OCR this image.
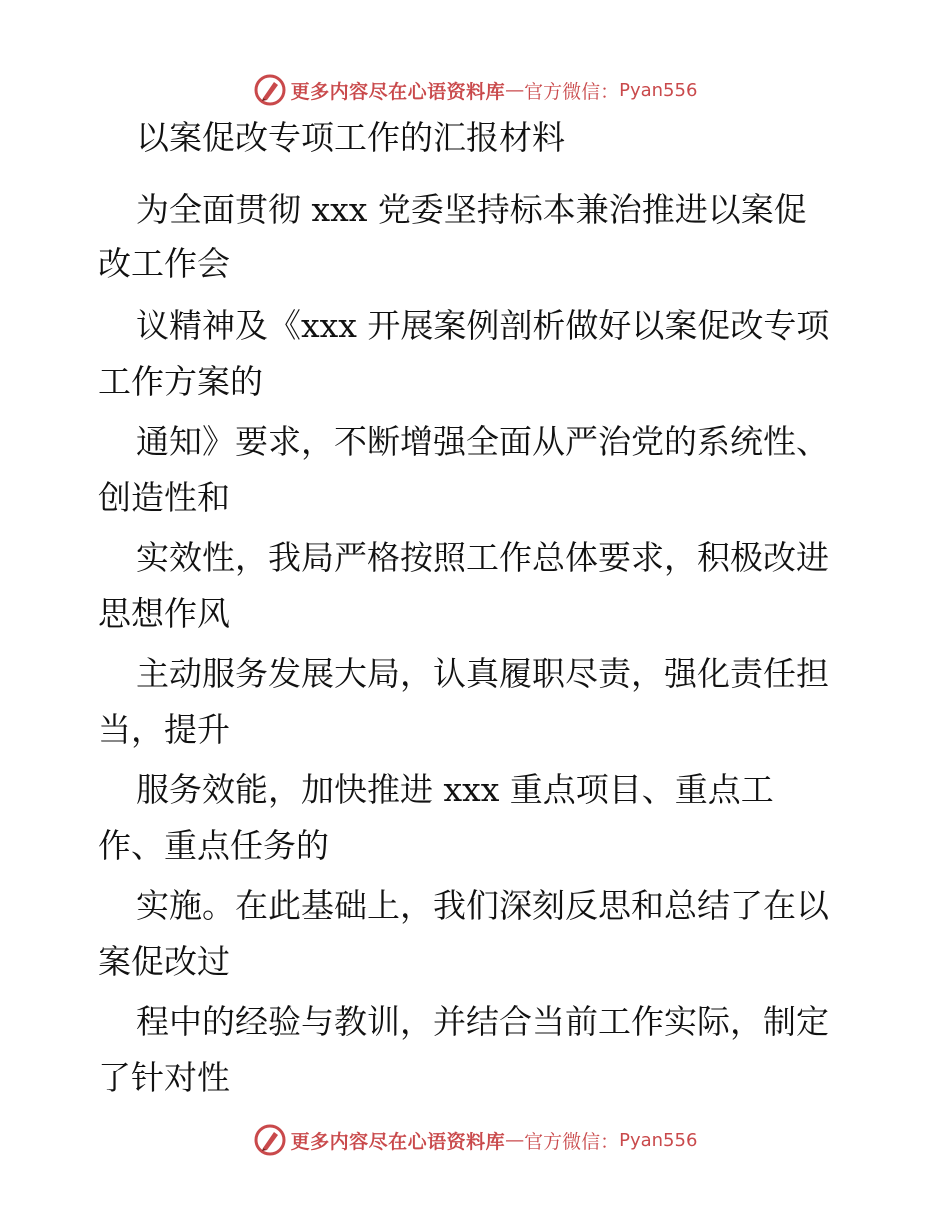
更多内容尽在心语资料库 — 官方微信： Pyan556
以案促改专项工作的汇报材料
为全面贯彻 xxx 党委坚持标本兼治推进以案促
改工作会
议精神及《xxx 开展案例剖析做好以案促改专项
工作方案的
通知》要求，不断增强全面从严治党的系统性、
创造性和
实效性，我局严格按照工作总体要求，积极改进
思想作风
主动服务发展大局，认真履职尽责，强化责任担
当，提升
服务效能，加快推进 xxx 重点项目、重点工
作、重点任务的
实施。在此基础上，我们深刻反思和总结了在以
案促改过
程中的经验与教训，并结合当前工作实际，制定
了针对性
更多内容尽在心语资料库 — 官方微信： Pyan556
